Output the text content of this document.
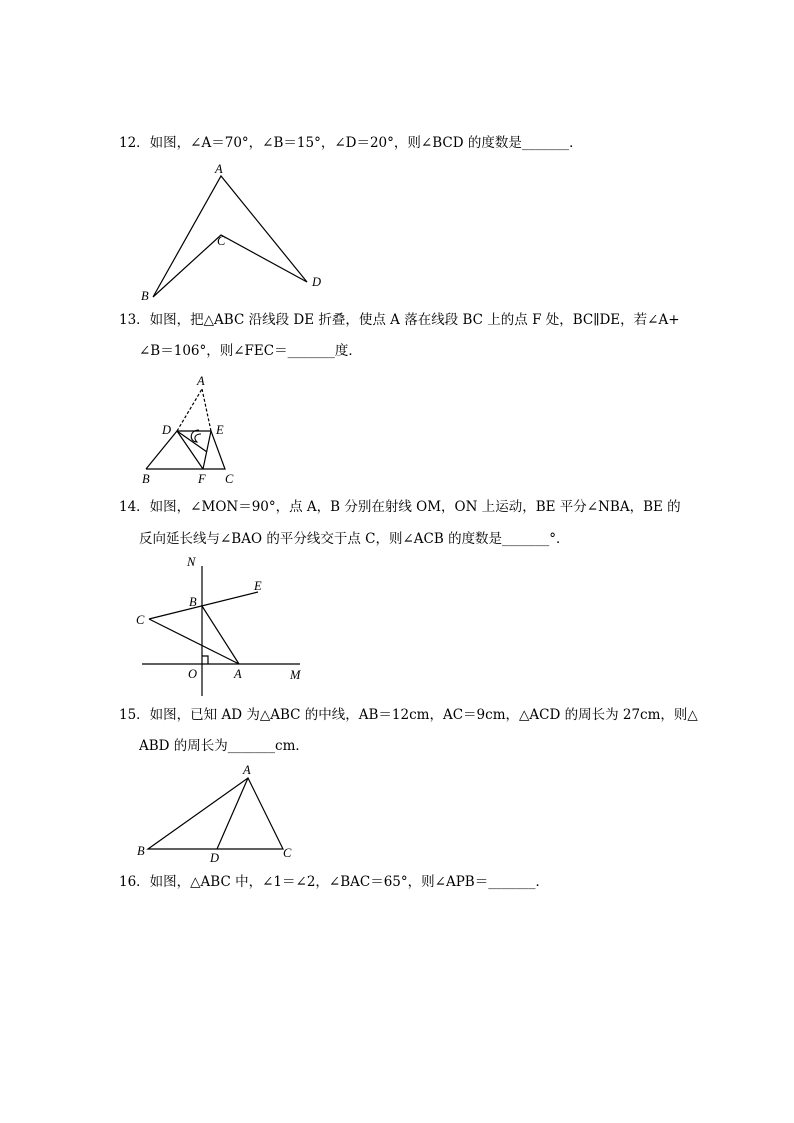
12．如图，∠A＝70°，∠B＝15°，∠D＝20°，则∠BCD 的度数是_______．
A
B
C
D
13．如图，把△ABC 沿线段 DE 折叠，使点 A 落在线段 BC 上的点 F 处，BC∥DE，若∠A+
∠B＝106°，则∠FEC＝_______度．
A
D	E
B	F C
14．如图，∠MON＝90°，点 A，B 分别在射线 OM，ON 上运动，BE 平分∠NBA，BE 的
反向延长线与∠BAO 的平分线交于点 C，则∠ACB 的度数是_______°．
N
E
B
C
O	A	M
15．如图，已知 AD 为△ABC 的中线，AB＝12cm，AC＝9cm，△ACD 的周长为 27cm，则△
ABD 的周长为_______cm．
A
B	D	C
16．如图，△ABC 中，∠1＝∠2，∠BAC＝65°，则∠APB＝_______．
